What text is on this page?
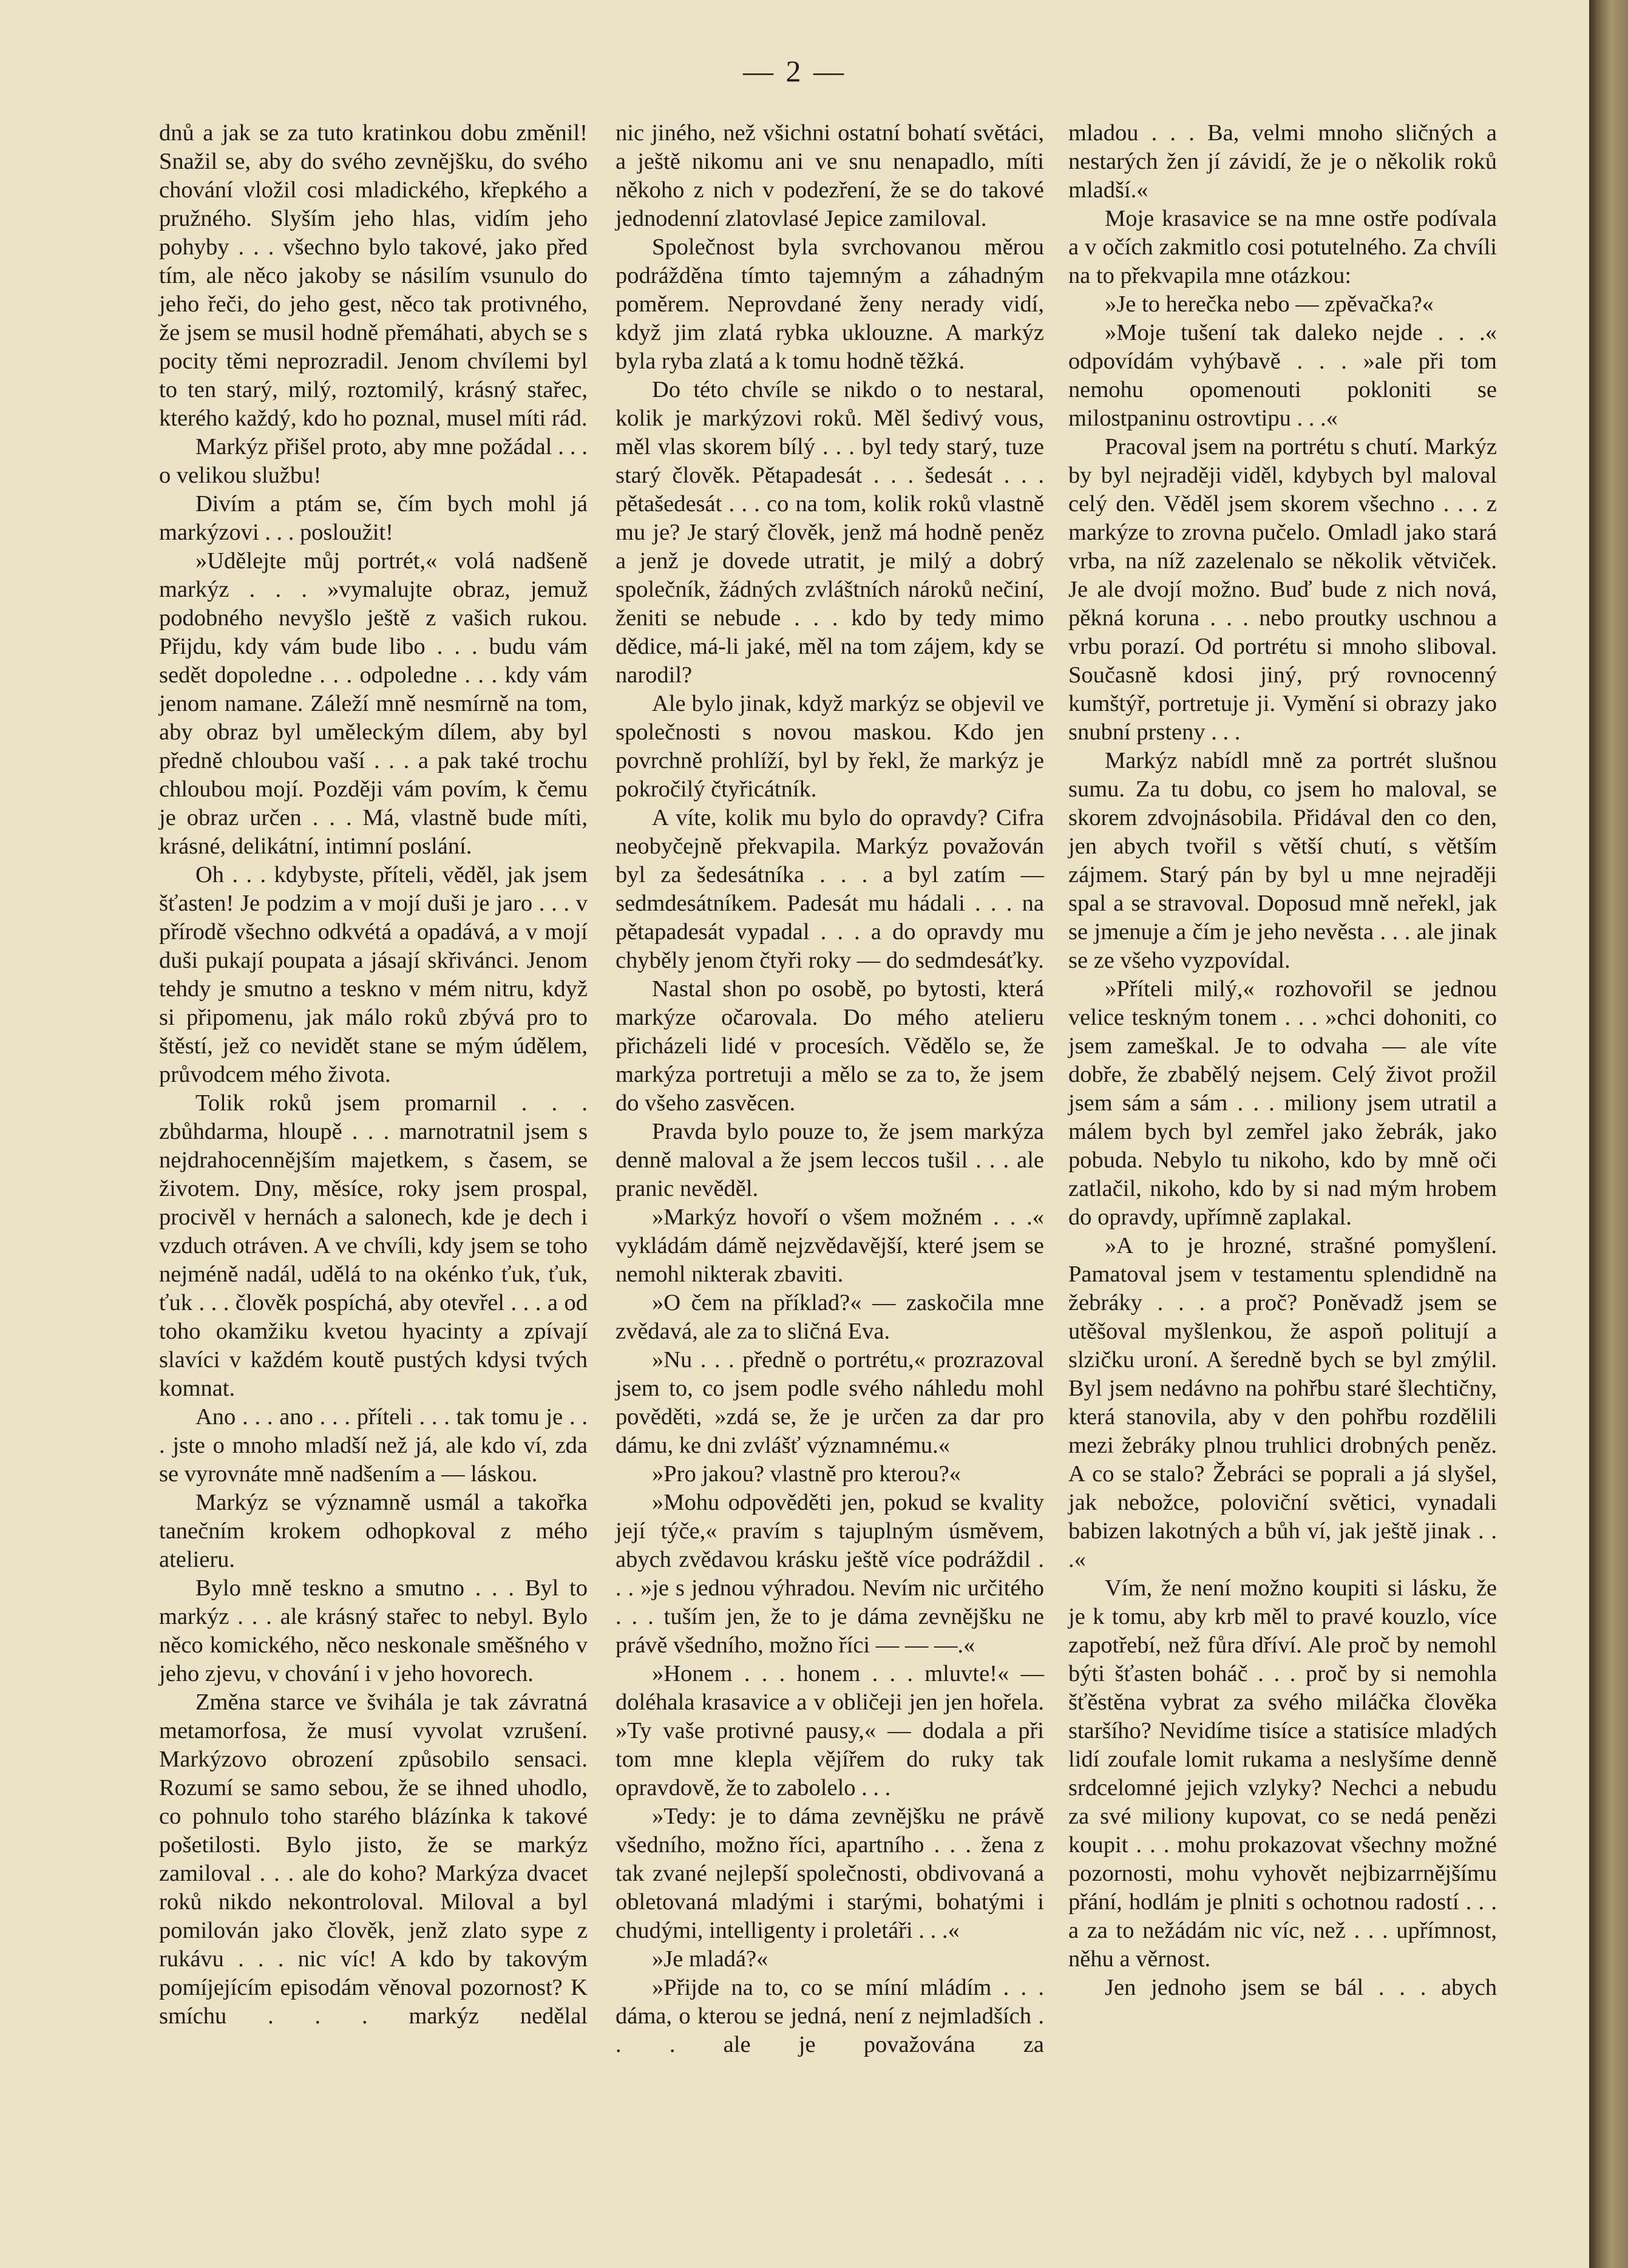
— 2 —

dnů a jak se za tuto kratinkou dobu změnil! Snažil se, aby do svého zevnějšku, do svého chování vložil cosi mladického, křepkého a pružného. Slyším jeho hlas, vidím jeho pohyby . . . všechno bylo takové, jako před tím, ale něco jakoby se násilím vsunulo do jeho řeči, do jeho gest, něco tak protivného, že jsem se musil hodně přemáhati, abych se s pocity těmi neprozradil. Jenom chvílemi byl to ten starý, milý, roztomilý, krásný stařec, kterého každý, kdo ho poznal, musel míti rád.

Markýz přišel proto, aby mne požádal . . . o velikou službu!

Divím a ptám se, čím bych mohl já markýzovi . . . posloužit!

»Udělejte můj portrét,« volá nadšeně markýz . . . »vymalujte obraz, jemuž podobného nevyšlo ještě z vašich rukou. Přijdu, kdy vám bude libo . . . budu vám sedět dopoledne . . . odpoledne . . . kdy vám jenom namane. Záleží mně nesmírně na tom, aby obraz byl uměleckým dílem, aby byl předně chloubou vaší . . . a pak také trochu chloubou mojí. Později vám povím, k čemu je obraz určen . . . Má, vlastně bude míti, krásné, delikátní, intimní poslání.

Oh . . . kdybyste, příteli, věděl, jak jsem šťasten! Je podzim a v mojí duši je jaro . . . v přírodě všechno odkvétá a opadává, a v mojí duši pukají poupata a jásají skřivánci. Jenom tehdy je smutno a teskno v mém nitru, když si připomenu, jak málo roků zbývá pro to štěstí, jež co nevidět stane se mým údělem, průvodcem mého života.

Tolik roků jsem promarnil . . . zbůhdarma, hloupě . . . marnotratnil jsem s nejdrahocennějším majetkem, s časem, se životem. Dny, měsíce, roky jsem prospal, procivěl v hernách a salonech, kde je dech i vzduch otráven. A ve chvíli, kdy jsem se toho nejméně nadál, udělá to na okénko ťuk, ťuk, ťuk . . . člověk pospíchá, aby otevřel . . . a od toho okamžiku kvetou hyacinty a zpívají slavíci v každém koutě pustých kdysi tvých komnat.

Ano . . . ano . . . příteli . . . tak tomu je . . . jste o mnoho mladší než já, ale kdo ví, zda se vyrovnáte mně nadšením a — láskou.

Markýz se významně usmál a takořka tanečním krokem odhopkoval z mého atelieru.

Bylo mně teskno a smutno . . . Byl to markýz . . . ale krásný stařec to nebyl. Bylo něco komického, něco neskonale směšného v jeho zjevu, v chování i v jeho hovorech.

Změna starce ve švihála je tak závratná metamorfosa, že musí vyvolat vzrušení. Markýzovo obrození způsobilo sensaci. Rozumí se samo sebou, že se ihned uhodlo, co pohnulo toho starého blázínka k takové pošetilosti. Bylo jisto, že se markýz zamiloval . . . ale do koho? Markýza dvacet roků nikdo nekontroloval. Miloval a byl pomilován jako člověk, jenž zlato sype z rukávu . . . nic víc! A kdo by takovým pomíjejícím episodám věnoval pozornost? K smíchu . . . markýz nedělal

nic jiného, než všichni ostatní bohatí světáci, a ještě nikomu ani ve snu nenapadlo, míti někoho z nich v podezření, že se do takové jednodenní zlatovlasé Jepice zamiloval.

Společnost byla svrchovanou měrou podrážděna tímto tajemným a záhadným poměrem. Neprovdané ženy nerady vidí, když jim zlatá rybka uklouzne. A markýz byla ryba zlatá a k tomu hodně těžká.

Do této chvíle se nikdo o to nestaral, kolik je markýzovi roků. Měl šedivý vous, měl vlas skorem bílý . . . byl tedy starý, tuze starý člověk. Pětapadesát . . . šedesát . . . pětašedesát . . . co na tom, kolik roků vlastně mu je? Je starý člověk, jenž má hodně peněz a jenž je dovede utratit, je milý a dobrý společník, žádných zvláštních nároků nečiní, ženiti se nebude . . . kdo by tedy mimo dědice, má-li jaké, měl na tom zájem, kdy se narodil?

Ale bylo jinak, když markýz se objevil ve společnosti s novou maskou. Kdo jen povrchně prohlíží, byl by řekl, že markýz je pokročilý čtyřicátník.

A víte, kolik mu bylo do opravdy? Cifra neobyčejně překvapila. Markýz považován byl za šedesátníka . . . a byl zatím — sedmdesátníkem. Padesát mu hádali . . . na pětapadesát vypadal . . . a do opravdy mu chyběly jenom čtyři roky — do sedmdesáťky.

Nastal shon po osobě, po bytosti, která markýze očarovala. Do mého atelieru přicházeli lidé v procesích. Vědělo se, že markýza portretuji a mělo se za to, že jsem do všeho zasvěcen.

Pravda bylo pouze to, že jsem markýza denně maloval a že jsem leccos tušil . . . ale pranic nevěděl.

»Markýz hovoří o všem možném . . .« vykládám dámě nejzvědavější, které jsem se nemohl nikterak zbaviti.

»O čem na příklad?« — zaskočila mne zvědavá, ale za to sličná Eva.

»Nu . . . předně o portrétu,« prozrazoval jsem to, co jsem podle svého náhledu mohl pověděti, »zdá se, že je určen za dar pro dámu, ke dni zvlášť významnému.«

»Pro jakou? vlastně pro kterou?«

»Mohu odpověděti jen, pokud se kvality její týče,« pravím s tajuplným úsměvem, abych zvědavou krásku ještě více podráždil . . . »je s jednou výhradou. Nevím nic určitého . . . tuším jen, že to je dáma zevnějšku ne právě všedního, možno říci — — —.«

»Honem . . . honem . . . mluvte!« — doléhala krasavice a v obličeji jen jen hořela. »Ty vaše protivné pausy,« — dodala a při tom mne klepla vějířem do ruky tak opravdově, že to zabolelo . . .

»Tedy: je to dáma zevnějšku ne právě všedního, možno říci, apartního . . . žena z tak zvané nejlepší společnosti, obdivovaná a obletovaná mladými i starými, bohatými i chudými, intelligenty i proletáři . . .«

»Je mladá?«

»Přijde na to, co se míní mládím . . . dáma, o kterou se jedná, není z nejmladších . . . ale je považována za

mladou . . . Ba, velmi mnoho sličných a nestarých žen jí závidí, že je o několik roků mladší.«

Moje krasavice se na mne ostře podívala a v očích zakmitlo cosi potutelného. Za chvíli na to překvapila mne otázkou:

»Je to herečka nebo — zpěvačka?«

»Moje tušení tak daleko nejde . . .« odpovídám vyhýbavě . . . »ale při tom nemohu opomenouti pokloniti se milostpaninu ostrovtipu . . .«

Pracoval jsem na portrétu s chutí. Markýz by byl nejraději viděl, kdybych byl maloval celý den. Věděl jsem skorem všechno . . . z markýze to zrovna pučelo. Omladl jako stará vrba, na níž zazelenalo se několik větviček. Je ale dvojí možno. Buď bude z nich nová, pěkná koruna . . . nebo proutky uschnou a vrbu porazí. Od portrétu si mnoho sliboval. Současně kdosi jiný, prý rovnocenný kumštýř, portretuje ji. Vymění si obrazy jako snubní prsteny . . .

Markýz nabídl mně za portrét slušnou sumu. Za tu dobu, co jsem ho maloval, se skorem zdvojnásobila. Přidával den co den, jen abych tvořil s větší chutí, s větším zájmem. Starý pán by byl u mne nejraději spal a se stravoval. Doposud mně neřekl, jak se jmenuje a čím je jeho nevěsta . . . ale jinak se ze všeho vyzpovídal.

»Příteli milý,« rozhovořil se jednou velice teskným tonem . . . »chci dohoniti, co jsem zameškal. Je to odvaha — ale víte dobře, že zbabělý nejsem. Celý život prožil jsem sám a sám . . . miliony jsem utratil a málem bych byl zemřel jako žebrák, jako pobuda. Nebylo tu nikoho, kdo by mně oči zatlačil, nikoho, kdo by si nad mým hrobem do opravdy, upřímně zaplakal.

»A to je hrozné, strašné pomyšlení. Pamatoval jsem v testamentu splendidně na žebráky . . . a proč? Poněvadž jsem se utěšoval myšlenkou, že aspoň politují a slzičku uroní. A šeredně bych se byl zmýlil. Byl jsem nedávno na pohřbu staré šlechtičny, která stanovila, aby v den pohřbu rozdělili mezi žebráky plnou truhlici drobných peněz. A co se stalo? Žebráci se poprali a já slyšel, jak nebožce, poloviční světici, vynadali babizen lakotných a bůh ví, jak ještě jinak . . .«

Vím, že není možno koupiti si lásku, že je k tomu, aby krb měl to pravé kouzlo, více zapotřebí, než fůra dříví. Ale proč by nemohl býti šťasten boháč . . . proč by si nemohla šťěstěna vybrat za svého miláčka člověka staršího? Nevidíme tisíce a statisíce mladých lidí zoufale lomit rukama a neslyšíme denně srdcelomné jejich vzlyky? Nechci a nebudu za své miliony kupovat, co se nedá penězi koupit . . . mohu prokazovat všechny možné pozornosti, mohu vyhovět nejbizarrnějšímu přání, hodlám je plniti s ochotnou radostí . . . a za to nežádám nic víc, než . . . upřímnost, něhu a věrnost.

Jen jednoho jsem se bál . . . abych
